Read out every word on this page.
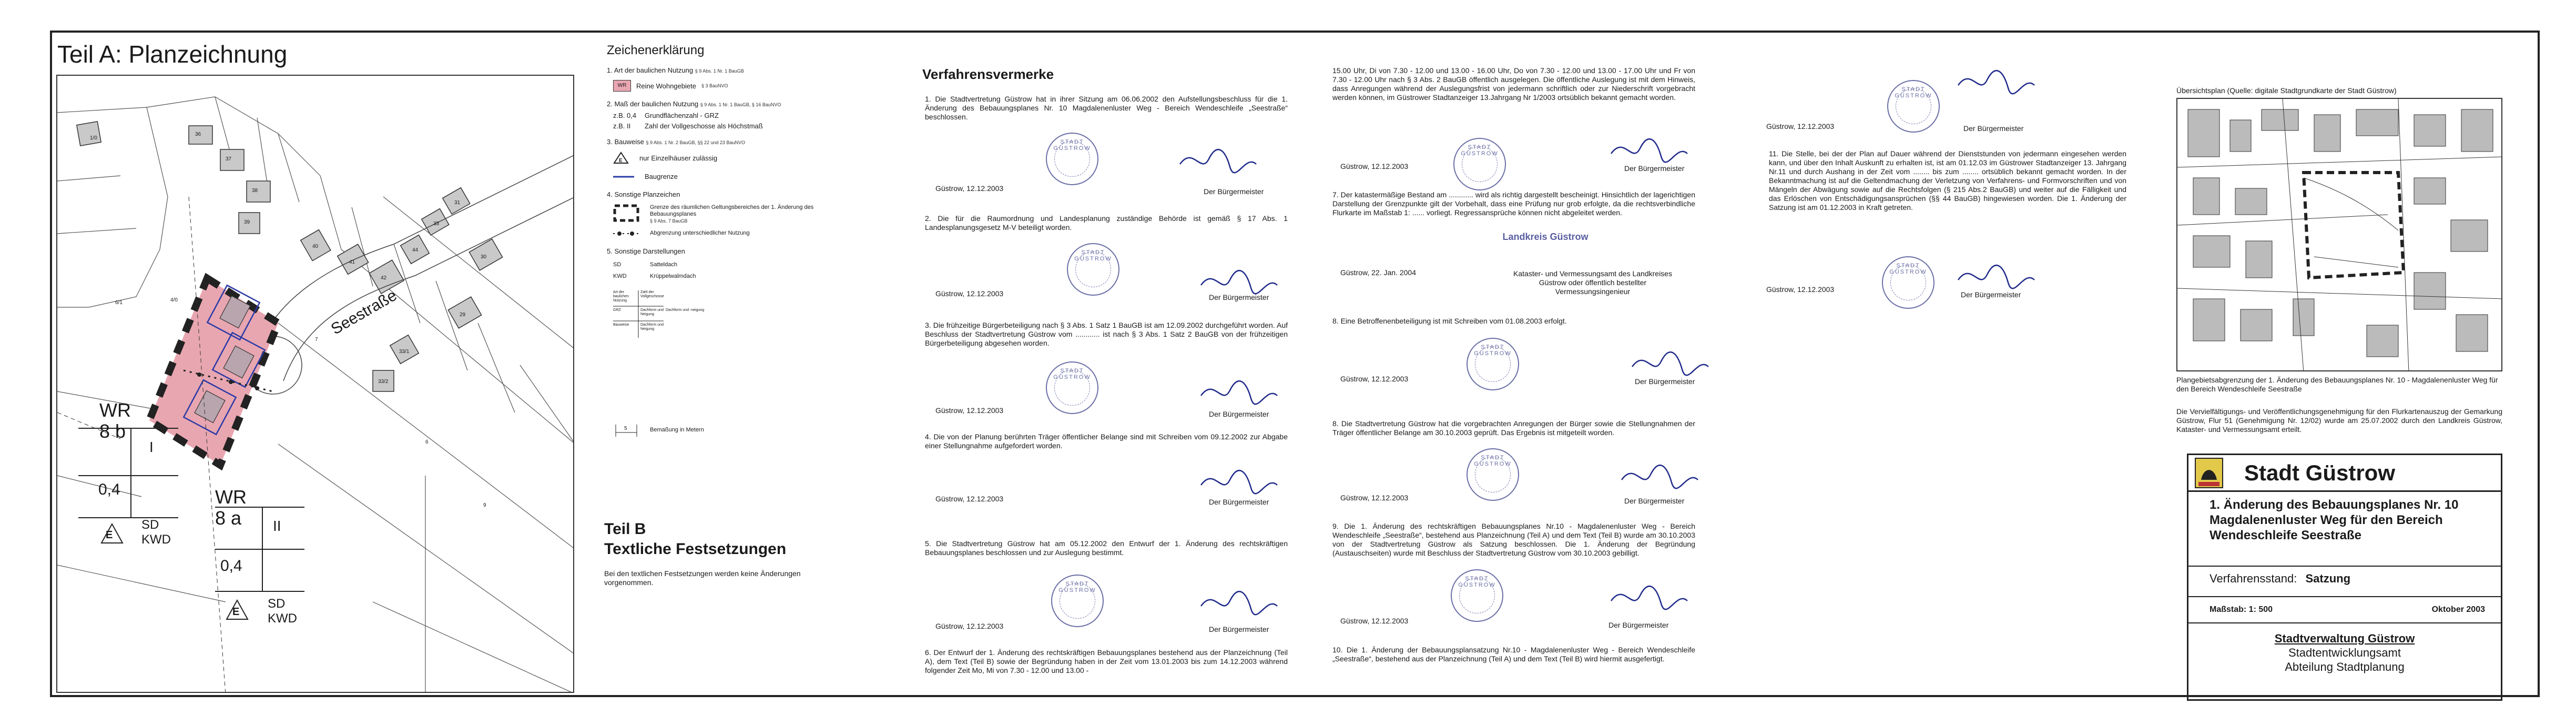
Teil A: Planzeichnung
Seestraße
1/0
4/0
6/1
36
37
38
39
40
41
42
44
33
31
30
29
33/1
33/2
9
7
6
WR
8 b
I
0,4
E
SD
KWD
WR
8 a II
0,4
E
SD
KWD
Zeichenerklärung
1. Art der baulichen Nutzung § 9 Abs. 1 Nr. 1 BauGB
WR	Reine Wohngebiete § 3 BauNVO
2. Maß der baulichen Nutzung § 9 Abs. 1 Nr. 1 BauGB, § 16 BauNVO
z.B. 0,4 Grundflächenzahl - GRZ
z.B. II Zahl der Vollgeschosse als Höchstmaß
3. Bauweise § 9 Abs. 1 Nr. 2 BauGB, §§ 22 und 23 BauNVO
E nur Einzelhäuser zulässig
Baugrenze
4. Sonstige Planzeichen
Grenze des räumlichen Geltungsbereiches der 1. Änderung des Bebauungsplanes
§ 9 Abs. 7 BauGB
Abgrenzung unterschiedlicher Nutzung
5. Sonstige Darstellungen
SD	Satteldach
KWD	Krüppelwalmdach
Art der baulichen Nutzung
Zahl der Vollgeschosse
GRZ	Dachform und Neigung
Bauweise	Dachform und Neigung
Dachform und -neigung
5	Bemaßung in Metern
Teil B
Textliche Festsetzungen
Bei den textlichen Festsetzungen werden keine Änderungen vorgenommen.
Verfahrensvermerke
1. Die Stadtvertretung Güstrow hat in ihrer Sitzung am 06.06.2002 den Aufstellungsbeschluss für die 1. Änderung des Bebauungsplanes Nr. 10 Magdalenenluster Weg - Bereich Wendeschleife „Seestraße“ beschlossen.
STADT GÜSTROW
Güstrow, 12.12.2003	Der Bürgermeister
2. Die für die Raumordnung und Landesplanung zuständige Behörde ist gemäß § 17 Abs. 1 Landesplanungsgesetz M-V beteiligt worden.
STADT GÜSTROW
Güstrow, 12.12.2003	Der Bürgermeister
3. Die frühzeitige Bürgerbeteiligung nach § 3 Abs. 1 Satz 1 BauGB ist am 12.09.2002 durchgeführt worden. Auf Beschluss der Stadtvertretung Güstrow vom ............ ist nach § 3 Abs. 1 Satz 2 BauGB von der frühzeitigen Bürgerbeteiligung abgesehen worden.
STADT GÜSTROW
Güstrow, 12.12.2003	Der Bürgermeister
4. Die von der Planung berührten Träger öffentlicher Belange sind mit Schreiben vom 09.12.2002 zur Abgabe einer Stellungnahme aufgefordert worden.
Güstrow, 12.12.2003	Der Bürgermeister
5. Die Stadtvertretung Güstrow hat am 05.12.2002 den Entwurf der 1. Änderung des rechtskräftigen Bebauungsplanes beschlossen und zur Auslegung bestimmt.
STADT GÜSTROW
Güstrow, 12.12.2003	Der Bürgermeister
6. Der Entwurf der 1. Änderung des rechtskräftigen Bebauungsplanes bestehend aus der Planzeichnung (Teil A), dem Text (Teil B) sowie der Begründung haben in der Zeit vom 13.01.2003 bis zum 14.12.2003 während folgender Zeit Mo, Mi von 7.30 - 12.00 und 13.00 -
15.00 Uhr, Di von 7.30 - 12.00 und 13.00 - 16.00 Uhr, Do von 7.30 - 12.00 und 13.00 - 17.00 Uhr und Fr von 7.30 - 12.00 Uhr nach § 3 Abs. 2 BauGB öffentlich ausgelegen. Die öffentliche Auslegung ist mit dem Hinweis, dass Anregungen während der Auslegungsfrist von jedermann schriftlich oder zur Niederschrift vorgebracht werden können, im Güstrower Stadtanzeiger 13.Jahrgang Nr 1/2003 ortsüblich bekannt gemacht worden.
STADT GÜSTROW
Güstrow, 12.12.2003	Der Bürgermeister
7. Der katastermäßige Bestand am ............ wird als richtig dargestellt bescheinigt. Hinsichtlich der lagerichtigen Darstellung der Grenzpunkte gilt der Vorbehalt, dass eine Prüfung nur grob erfolgte, da die rechtsverbindliche Flurkarte im Maßstab 1: ...... vorliegt. Regressansprüche können nicht abgeleitet werden.
Landkreis Güstrow
Güstrow, 22. Jan. 2004	Kataster- und Vermessungsamt des Landkreises Güstrow oder öffentlich bestellter Vermessungsingenieur
8. Eine Betroffenenbeteiligung ist mit Schreiben vom 01.08.2003 erfolgt.
STADT GÜSTROW
Güstrow, 12.12.2003	Der Bürgermeister
8. Die Stadtvertretung Güstrow hat die vorgebrachten Anregungen der Bürger sowie die Stellungnahmen der Träger öffentlicher Belange am 30.10.2003 geprüft. Das Ergebnis ist mitgeteilt worden.
STADT GÜSTROW
Güstrow, 12.12.2003	Der Bürgermeister
9. Die 1. Änderung des rechtskräftigen Bebauungsplanes Nr.10 - Magdalenenluster Weg - Bereich Wendeschleife „Seestraße“, bestehend aus Planzeichnung (Teil A) und dem Text (Teil B) wurde am 30.10.2003 von der Stadtvertretung Güstrow als Satzung beschlossen. Die 1. Änderung der Begründung (Austauschseiten) wurde mit Beschluss der Stadtvertretung Güstrow vom 30.10.2003 gebilligt.
STADT GÜSTROW
Güstrow, 12.12.2003	Der Bürgermeister
10. Die 1. Änderung der Bebauungsplansatzung Nr.10 - Magdalenenluster Weg - Bereich Wendeschleife „Seestraße“, bestehend aus der Planzeichnung (Teil A) und dem Text (Teil B) wird hiermit ausgefertigt.
STADT GÜSTROW
Güstrow, 12.12.2003	Der Bürgermeister
11. Die Stelle, bei der der Plan auf Dauer während der Dienststunden von jedermann eingesehen werden kann, und über den Inhalt Auskunft zu erhalten ist, ist am 01.12.03 im Güstrower Stadtanzeiger 13. Jahrgang Nr.11 und durch Aushang in der Zeit vom ........ bis zum ........ ortsüblich bekannt gemacht worden. In der Bekanntmachung ist auf die Geltendmachung der Verletzung von Verfahrens- und Formvorschriften und von Mängeln der Abwägung sowie auf die Rechtsfolgen (§ 215 Abs.2 BauGB) und weiter auf die Fälligkeit und das Erlöschen von Entschädigungsansprüchen (§§ 44 BauGB) hingewiesen worden. Die 1. Änderung der Satzung ist am 01.12.2003 in Kraft getreten.
STADT GÜSTROW
Güstrow, 12.12.2003
Der Bürgermeister
Übersichtsplan (Quelle: digitale Stadtgrundkarte der Stadt Güstrow)
Plangebietsabgrenzung der 1. Änderung des Bebauungsplanes Nr. 10 - Magdalenenluster Weg für den Bereich Wendeschleife Seestraße
Die Vervielfältigungs- und Veröffentlichungsgenehmigung für den Flurkartenauszug der Gemarkung Güstrow, Flur 51 (Genehmigung Nr. 12/02) wurde am 25.07.2002 durch den Landkreis Güstrow, Kataster- und Vermessungsamt erteilt.
Stadt Güstrow
1. Änderung des Bebauungsplanes Nr. 10 Magdalenenluster Weg für den Bereich Wendeschleife Seestraße
Verfahrensstand: Satzung
Maßstab: 1: 500	Oktober 2003
Stadtverwaltung Güstrow
Stadtentwicklungsamt
Abteilung Stadtplanung
